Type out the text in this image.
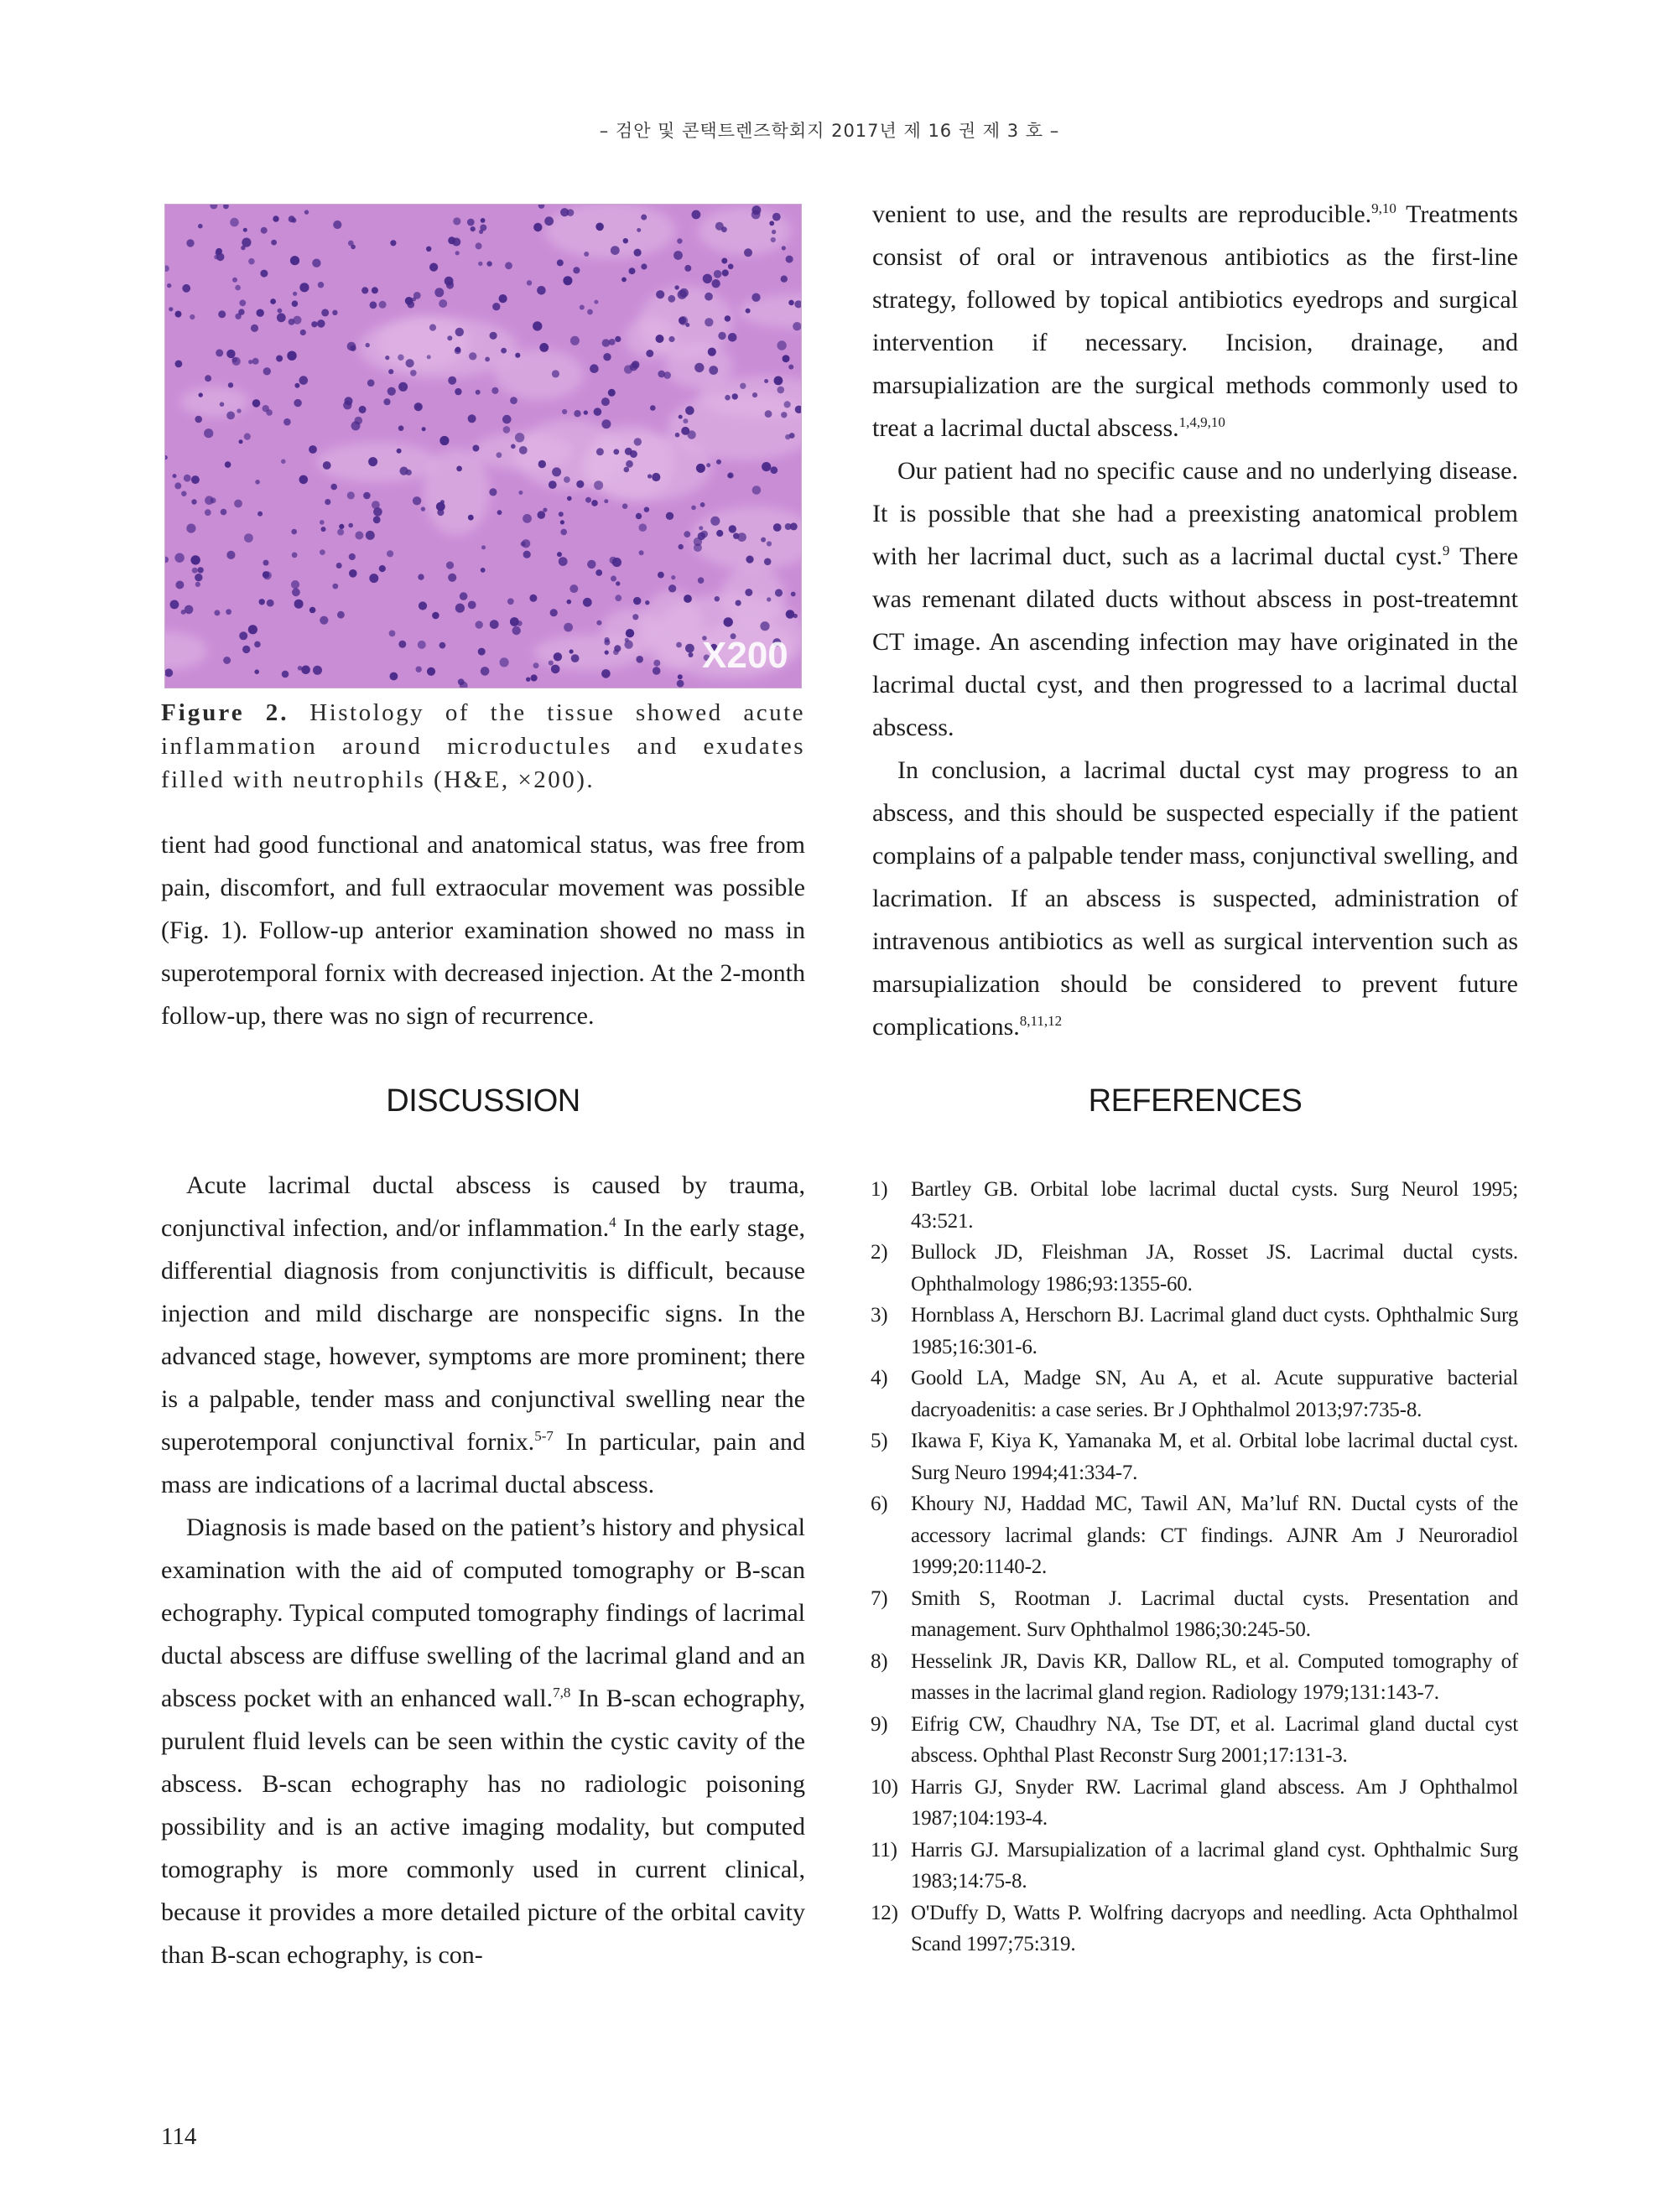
– 검안 및 콘택트렌즈학회지 2017년 제 16 권 제 3 호 –
X200
Figure 2. Histology of the tissue showed acute inflammation around microductules and exudates filled with neutrophils (H&E, ×200).

tient had good functional and anatomical status, was free from pain, discomfort, and full extraocular movement was possible (Fig. 1). Follow-up anterior examination showed no mass in superotemporal fornix with decreased injection. At the 2-month follow-up, there was no sign of recurrence.

DISCUSSION

Acute lacrimal ductal abscess is caused by trauma, conjunctival infection, and/or inflammation.$^4$ In the early stage, differential diagnosis from conjunctivitis is difficult, because injection and mild discharge are nonspecific signs. In the advanced stage, however, symptoms are more prominent; there is a palpable, tender mass and conjunctival swelling near the superotemporal conjunctival fornix.$^{5-7}$ In particular, pain and mass are indications of a lacrimal ductal abscess.

Diagnosis is made based on the patient’s history and physical examination with the aid of computed tomography or B-scan echography. Typical computed tomography findings of lacrimal ductal abscess are diffuse swelling of the lacrimal gland and an abscess pocket with an enhanced wall.$^{7,8}$ In B-scan echography, purulent fluid levels can be seen within the cystic cavity of the abscess. B-scan echography has no radiologic poisoning possibility and is an active imaging modality, but computed tomography is more commonly used in current clinical, because it provides a more detailed picture of the orbital cavity than B-scan echography, is con-

venient to use, and the results are reproducible.$^{9,10}$ Treatments consist of oral or intravenous antibiotics as the first-line strategy, followed by topical antibiotics eyedrops and surgical intervention if necessary. Incision, drainage, and marsupialization are the surgical methods commonly used to treat a lacrimal ductal abscess.$^{1,4,9,10}$

Our patient had no specific cause and no underlying disease. It is possible that she had a preexisting anatomical problem with her lacrimal duct, such as a lacrimal ductal cyst.$^9$ There was remenant dilated ducts without abscess in post-treatemnt CT image. An ascending infection may have originated in the lacrimal ductal cyst, and then progressed to a lacrimal ductal abscess.

In conclusion, a lacrimal ductal cyst may progress to an abscess, and this should be suspected especially if the patient complains of a palpable tender mass, conjunctival swelling, and lacrimation. If an abscess is suspected, administration of intravenous antibiotics as well as surgical intervention such as marsupialization should be considered to prevent future complications.$^{8,11,12}$

REFERENCES
1)	Bartley GB. Orbital lobe lacrimal ductal cysts. Surg Neurol 1995; 43:521.
2)	Bullock JD, Fleishman JA, Rosset JS. Lacrimal ductal cysts. Ophthalmology 1986;93:1355-60.
3)	Hornblass A, Herschorn BJ. Lacrimal gland duct cysts. Ophthalmic Surg 1985;16:301-6.
4)	Goold LA, Madge SN, Au A, et al. Acute suppurative bacterial dacryoadenitis: a case series. Br J Ophthalmol 2013;97:735-8.
5)	Ikawa F, Kiya K, Yamanaka M, et al. Orbital lobe lacrimal ductal cyst. Surg Neuro 1994;41:334-7.
6)	Khoury NJ, Haddad MC, Tawil AN, Ma’luf RN. Ductal cysts of the accessory lacrimal glands: CT findings. AJNR Am J Neuroradiol 1999;20:1140-2.
7)	Smith S, Rootman J. Lacrimal ductal cysts. Presentation and management. Surv Ophthalmol 1986;30:245-50.
8)	Hesselink JR, Davis KR, Dallow RL, et al. Computed tomography of masses in the lacrimal gland region. Radiology 1979;131:143-7.
9)	Eifrig CW, Chaudhry NA, Tse DT, et al. Lacrimal gland ductal cyst abscess. Ophthal Plast Reconstr Surg 2001;17:131-3.
10) Harris GJ, Snyder RW. Lacrimal gland abscess. Am J Ophthalmol 1987;104:193-4.
11) Harris GJ. Marsupialization of a lacrimal gland cyst. Ophthalmic Surg 1983;14:75-8.
12) O'Duffy D, Watts P. Wolfring dacryops and needling. Acta Ophthalmol Scand 1997;75:319.
114
